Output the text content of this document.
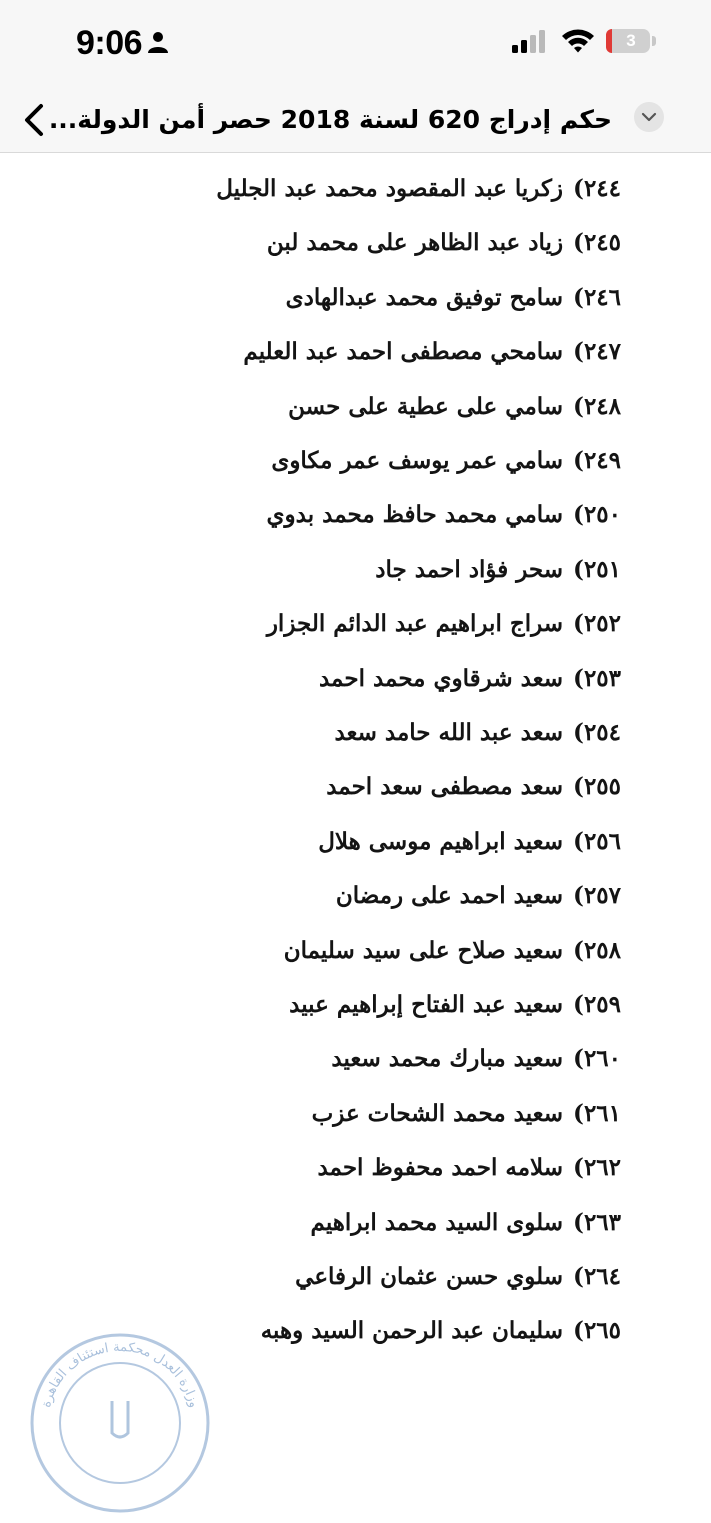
9:06	3
حكم إدراج 620 لسنة 2018 حصر أمن الدولة...
٢٤٤)زكريا عبد المقصود محمد عبد الجليل
٢٤٥)زياد عبد الظاهر على محمد لبن
٢٤٦)سامح توفيق محمد عبدالهادى
٢٤٧)سامحي مصطفى احمد عبد العليم
٢٤٨)سامي على عطية على حسن
٢٤٩)سامي عمر يوسف عمر مكاوى
٢٥٠)سامي محمد حافظ محمد بدوي
٢٥١)سحر فؤاد احمد جاد
٢٥٢)سراج ابراهيم عبد الدائم الجزار
٢٥٣)سعد شرقاوي محمد احمد
٢٥٤)سعد عبد الله حامد سعد
٢٥٥)سعد مصطفى سعد احمد
٢٥٦)سعيد ابراهيم موسى هلال
٢٥٧)سعيد احمد على رمضان
٢٥٨)سعيد صلاح على سيد سليمان
٢٥٩)سعيد عبد الفتاح إبراهيم عبيد
٢٦٠)سعيد مبارك محمد سعيد
٢٦١)سعيد محمد الشحات عزب
٢٦٢)سلامه احمد محفوظ احمد
٢٦٣)سلوى السيد محمد ابراهيم
٢٦٤)سلوي حسن عثمان الرفاعي
٢٦٥)سليمان عبد الرحمن السيد وهبه
وزارة العدل محكمة استئناف القاهرة
